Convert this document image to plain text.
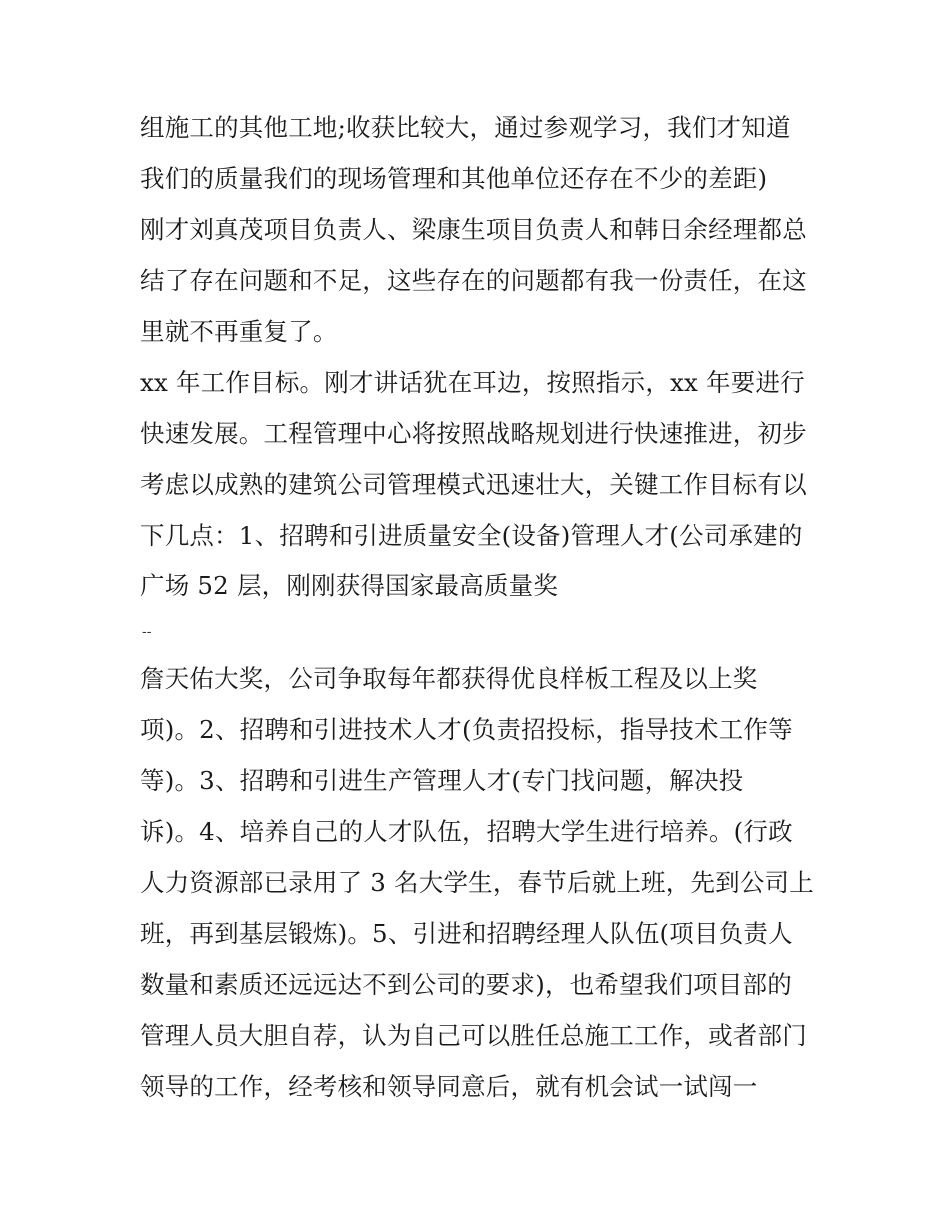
组施工的其他工地;收获比较大，通过参观学习，我们才知道
我们的质量我们的现场管理和其他单位还存在不少的差距)
刚才刘真茂项目负责人、梁康生项目负责人和韩日余经理都总
结了存在问题和不足，这些存在的问题都有我一份责任，在这
里就不再重复了。
xx 年工作目标。刚才讲话犹在耳边，按照指示，xx 年要进行
快速发展。工程管理中心将按照战略规划进行快速推进，初步
考虑以成熟的建筑公司管理模式迅速壮大，关键工作目标有以
下几点：1、招聘和引进质量安全(设备)管理人才(公司承建的
广场 52 层，刚刚获得国家最高质量奖
--
詹天佑大奖，公司争取每年都获得优良样板工程及以上奖
项)。2、招聘和引进技术人才(负责招投标，指导技术工作等
等)。3、招聘和引进生产管理人才(专门找问题，解决投
诉)。4、培养自己的人才队伍，招聘大学生进行培养。(行政
人力资源部已录用了 3 名大学生，春节后就上班，先到公司上
班，再到基层锻炼)。5、引进和招聘经理人队伍(项目负责人
数量和素质还远远达不到公司的要求)，也希望我们项目部的
管理人员大胆自荐，认为自己可以胜任总施工工作，或者部门
领导的工作，经考核和领导同意后，就有机会试一试闯一
